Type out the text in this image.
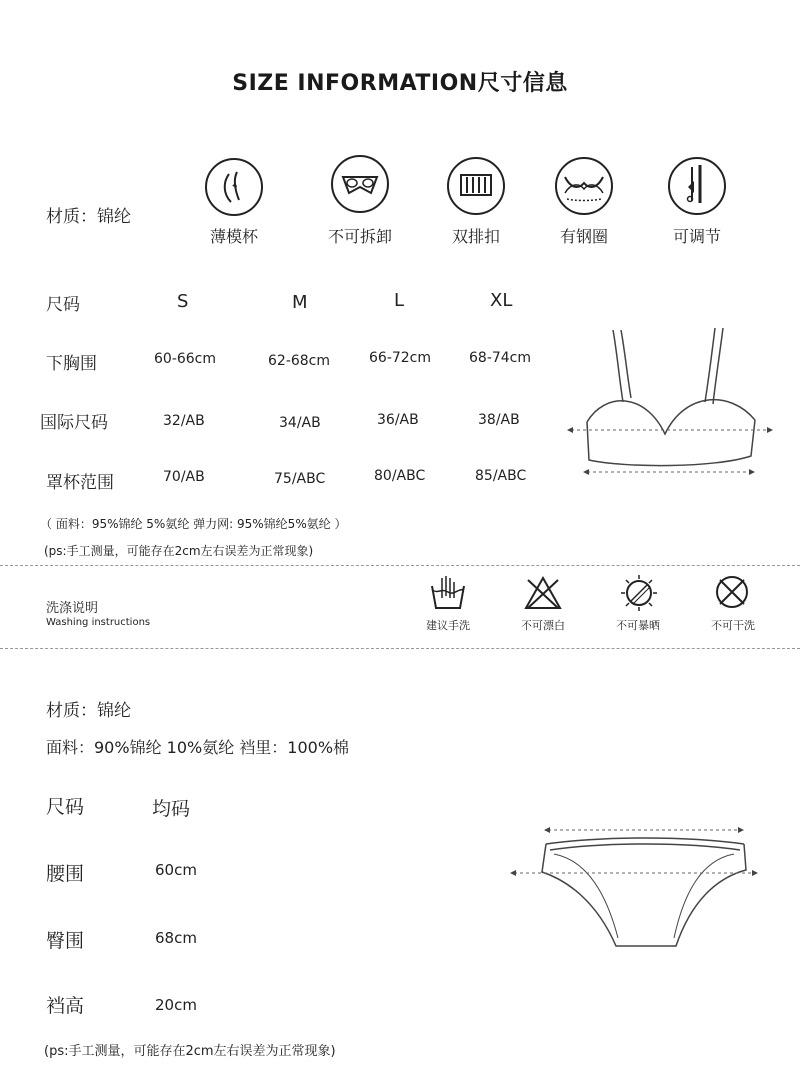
SIZE INFORMATION尺寸信息
材质：锦纶
薄模杯	不可拆卸	双排扣	有钢圈	可调节
尺码	S	M	L	XL
下胸围	60-66cm	62-68cm	66-72cm	68-74cm
国际尺码	32/AB	34/AB	36/AB	38/AB
罩杯范围	70/AB	75/ABC	80/ABC	85/ABC
（ 面料：95%锦纶 5%氨纶 弹力网: 95%锦纶5%氨纶 ）
(ps:手工测量，可能存在2cm左右误差为正常现象)
洗涤说明
Washing instructions	建议手洗	不可漂白	不可暴晒	不可干洗
材质：锦纶
面料：90%锦纶 10%氨纶 裆里：100%棉
尺码	均码
腰围	60cm
臀围	68cm
裆高	20cm
(ps:手工测量，可能存在2cm左右误差为正常现象)
